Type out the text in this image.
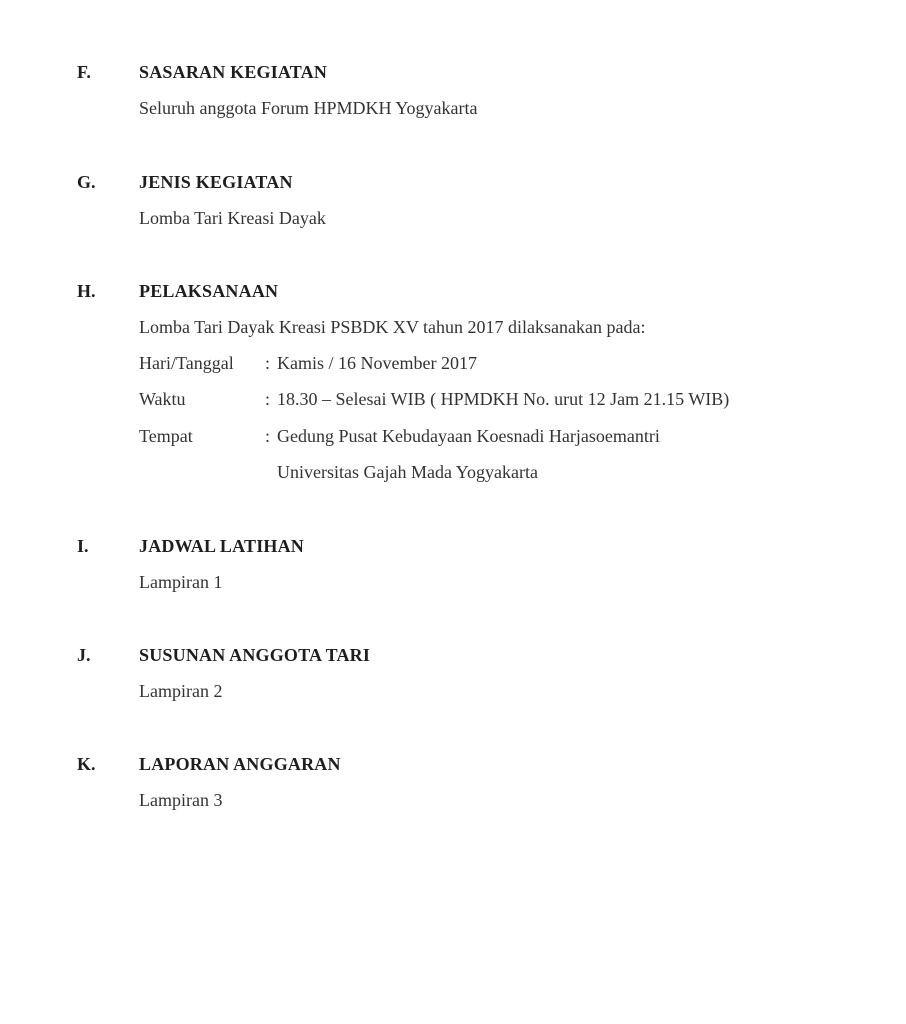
F.	SASARAN KEGIATAN
Seluruh anggota Forum HPMDKH Yogyakarta
G. JENIS KEGIATAN
Lomba Tari Kreasi Dayak
H. PELAKSANAAN
Lomba Tari Dayak Kreasi PSBDK XV tahun 2017 dilaksanakan pada:
Hari/Tanggal : Kamis / 16 November 2017
Waktu	: 18.30 – Selesai WIB ( HPMDKH No. urut 12 Jam 21.15 WIB)
Tempat	: Gedung Pusat Kebudayaan Koesnadi Harjasoemantri
Universitas Gajah Mada Yogyakarta
I.	JADWAL LATIHAN
Lampiran 1
J.	SUSUNAN ANGGOTA TARI
Lampiran 2
K. LAPORAN ANGGARAN
Lampiran 3
